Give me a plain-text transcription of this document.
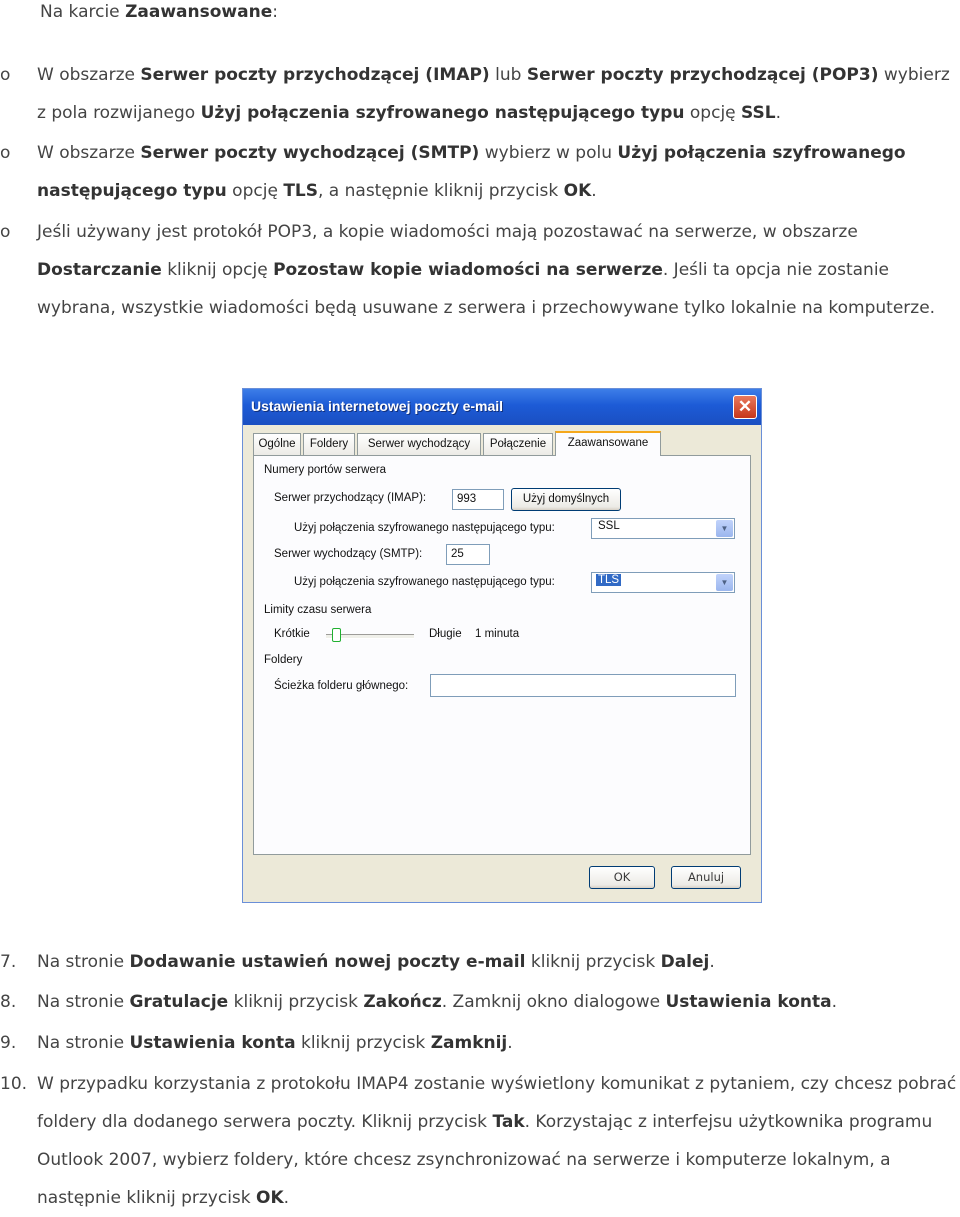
Na karcie Zaawansowane:
o	W obszarze Serwer poczty przychodzącej (IMAP) lub Serwer poczty przychodzącej (POP3) wybierz z pola rozwijanego Użyj połączenia szyfrowanego następującego typu opcję SSL.
o	W obszarze Serwer poczty wychodzącej (SMTP) wybierz w polu Użyj połączenia szyfrowanego następującego typu opcję TLS, a następnie kliknij przycisk OK.
o	Jeśli używany jest protokół POP3, a kopie wiadomości mają pozostawać na serwerze, w obszarze Dostarczanie kliknij opcję Pozostaw kopie wiadomości na serwerze. Jeśli ta opcja nie zostanie wybrana, wszystkie wiadomości będą usuwane z serwera i przechowywane tylko lokalnie na komputerze.
Ustawienia internetowej poczty e-mail	✕
Ogólne	Foldery	Serwer wychodzący	Połączenie	Zaawansowane
Numery portów serwera
Serwer przychodzący (IMAP):	993	Użyj domyślnych
Użyj połączenia szyfrowanego następującego typu:	SSL	▼
Serwer wychodzący (SMTP):	25
Użyj połączenia szyfrowanego następującego typu:	TLS	▼
Limity czasu serwera
Krótkie	Długie 1 minuta
Foldery
Ścieżka folderu głównego:
OK	Anuluj
7. Na stronie Dodawanie ustawień nowej poczty e-mail kliknij przycisk Dalej.
8. Na stronie Gratulacje kliknij przycisk Zakończ. Zamknij okno dialogowe Ustawienia konta.
9. Na stronie Ustawienia konta kliknij przycisk Zamknij.
10. W przypadku korzystania z protokołu IMAP4 zostanie wyświetlony komunikat z pytaniem, czy chcesz pobrać foldery dla dodanego serwera poczty. Kliknij przycisk Tak. Korzystając z interfejsu użytkownika programu Outlook 2007, wybierz foldery, które chcesz zsynchronizować na serwerze i komputerze lokalnym, a następnie kliknij przycisk OK.
